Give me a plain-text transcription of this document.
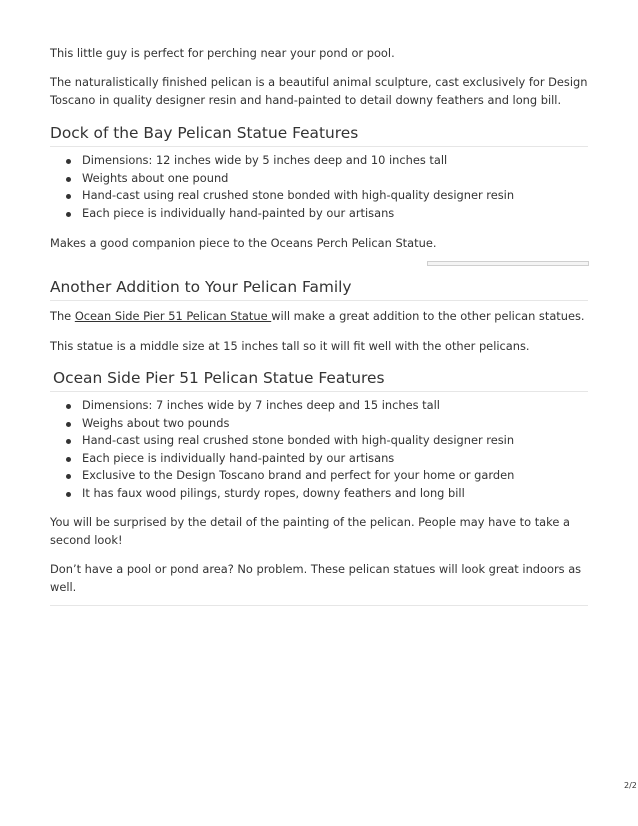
This little guy is perfect for perching near your pond or pool.

The naturalistically finished pelican is a beautiful animal sculpture, cast exclusively for Design Toscano in quality designer resin and hand-painted to detail downy feathers and long bill.

Dock of the Bay Pelican Statue Features
Dimensions: 12 inches wide by 5 inches deep and 10 inches tall
Weights about one pound
Hand-cast using real crushed stone bonded with high-quality designer resin
Each piece is individually hand-painted by our artisans

Makes a good companion piece to the Oceans Perch Pelican Statue.

Another Addition to Your Pelican Family

The Ocean Side Pier 51 Pelican Statue will make a great addition to the other pelican statues.

This statue is a middle size at 15 inches tall so it will fit well with the other pelicans.

Ocean Side Pier 51 Pelican Statue Features
Dimensions: 7 inches wide by 7 inches deep and 15 inches tall
Weighs about two pounds
Hand-cast using real crushed stone bonded with high-quality designer resin
Each piece is individually hand-painted by our artisans
Exclusive to the Design Toscano brand and perfect for your home or garden
It has faux wood pilings, sturdy ropes, downy feathers and long bill

You will be surprised by the detail of the painting of the pelican. People may have to take a second look!

Don’t have a pool or pond area? No problem. These pelican statues will look great indoors as well.

2/2
